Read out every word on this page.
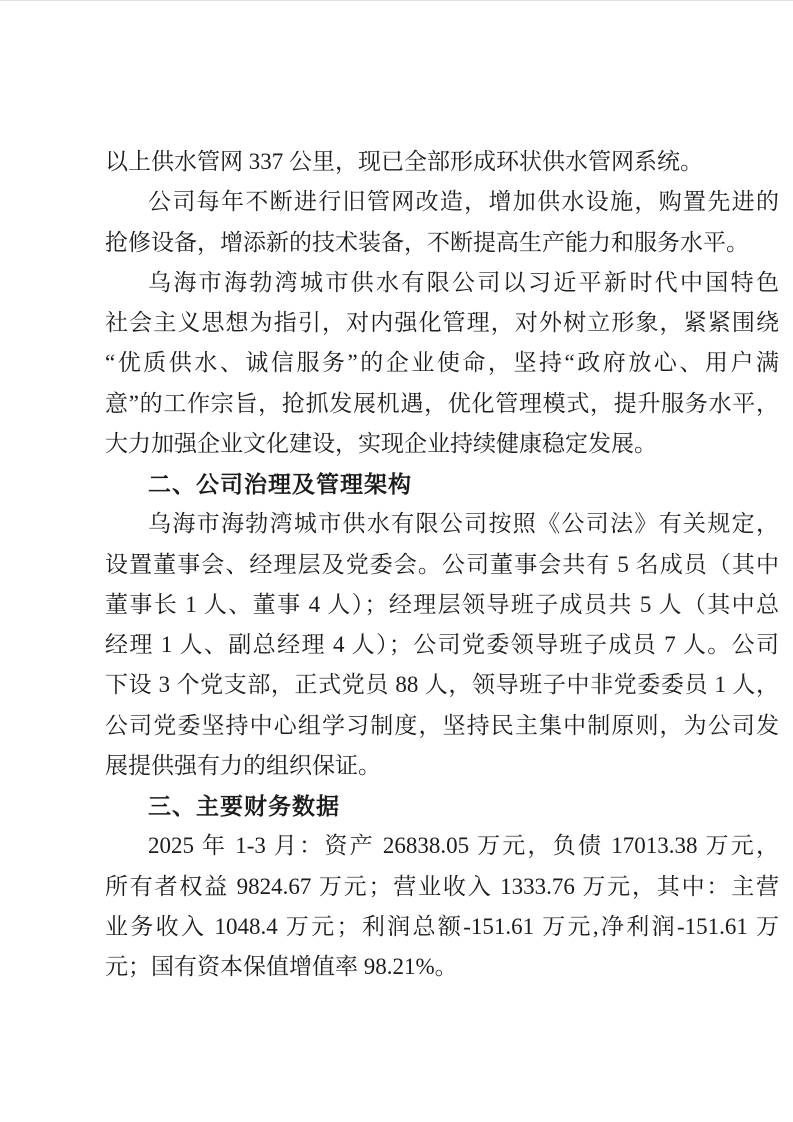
以上供水管网 337 公里，现已全部形成环状供水管网系统。

公司每年不断进行旧管网改造，增加供水设施，购置先进的

抢修设备，增添新的技术装备，不断提高生产能力和服务水平。

乌海市海勃湾城市供水有限公司以习近平新时代中国特色

社会主义思想为指引，对内强化管理，对外树立形象，紧紧围绕

“优质供水、诚信服务”的企业使命，坚持“政府放心、用户满

意”的工作宗旨，抢抓发展机遇，优化管理模式，提升服务水平，

大力加强企业文化建设，实现企业持续健康稳定发展。

二、公司治理及管理架构

乌海市海勃湾城市供水有限公司按照《公司法》有关规定，

设置董事会、经理层及党委会。公司董事会共有 5 名成员（其中

董事长 1 人、董事 4 人）；经理层领导班子成员共 5 人（其中总

经理 1 人、副总经理 4 人）；公司党委领导班子成员 7 人。公司

下设 3 个党支部，正式党员 88 人，领导班子中非党委委员 1 人，

公司党委坚持中心组学习制度，坚持民主集中制原则，为公司发

展提供强有力的组织保证。

三、主要财务数据

2025 年 1-3 月：资产 26838.05 万元，负债 17013.38 万元，

所有者权益 9824.67 万元；营业收入 1333.76 万元，其中：主营

业务收入 1048.4 万元；利润总额-151.61 万元,净利润-151.61 万

元；国有资本保值增值率 98.21%。
